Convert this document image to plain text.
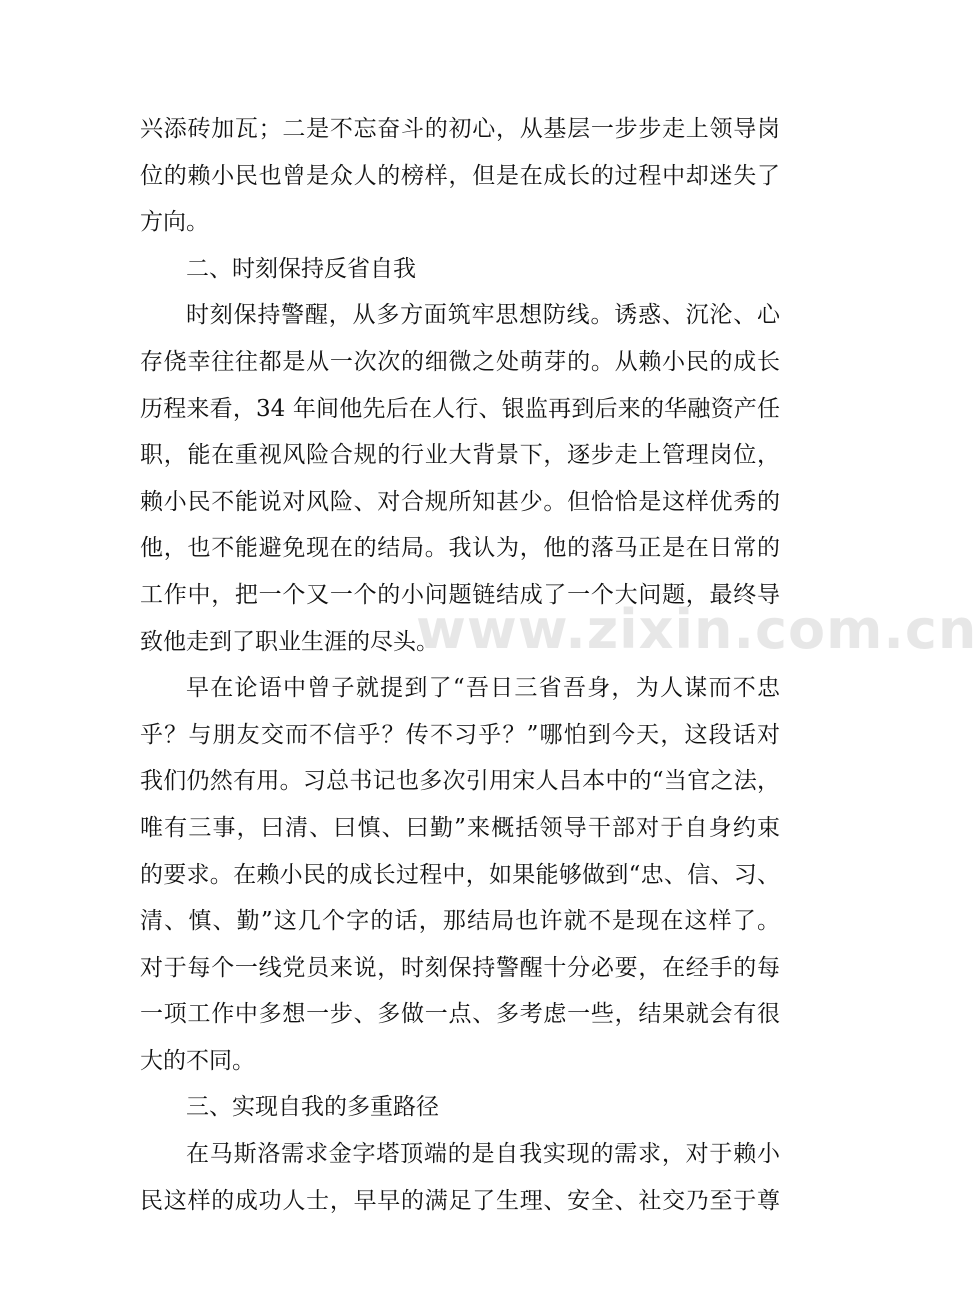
兴添砖加瓦；二是不忘奋斗的初心，从基层一步步走上领导岗
位的赖小民也曾是众人的榜样，但是在成长的过程中却迷失了
方向。
二、时刻保持反省自我
时刻保持警醒，从多方面筑牢思想防线。诱惑、沉沦、心
存侥幸往往都是从一次次的细微之处萌芽的。从赖小民的成长
历程来看，34 年间他先后在人行、银监再到后来的华融资产任
职，能在重视风险合规的行业大背景下，逐步走上管理岗位，
赖小民不能说对风险、对合规所知甚少。但恰恰是这样优秀的
他，也不能避免现在的结局。我认为，他的落马正是在日常的
工作中，把一个又一个的小问题链结成了一个大问题，最终导
致他走到了职业生涯的尽头。
早在论语中曾子就提到了“吾日三省吾身，为人谋而不忠
乎？与朋友交而不信乎？传不习乎？”哪怕到今天，这段话对
我们仍然有用。习总书记也多次引用宋人吕本中的“当官之法，
唯有三事，曰清、曰慎、曰勤”来概括领导干部对于自身约束
的要求。在赖小民的成长过程中，如果能够做到“忠、信、习、
清、慎、勤”这几个字的话，那结局也许就不是现在这样了。
对于每个一线党员来说，时刻保持警醒十分必要，在经手的每
一项工作中多想一步、多做一点、多考虑一些，结果就会有很
大的不同。
三、实现自我的多重路径
在马斯洛需求金字塔顶端的是自我实现的需求，对于赖小
民这样的成功人士，早早的满足了生理、安全、社交乃至于尊
www.zixin.com.cn
